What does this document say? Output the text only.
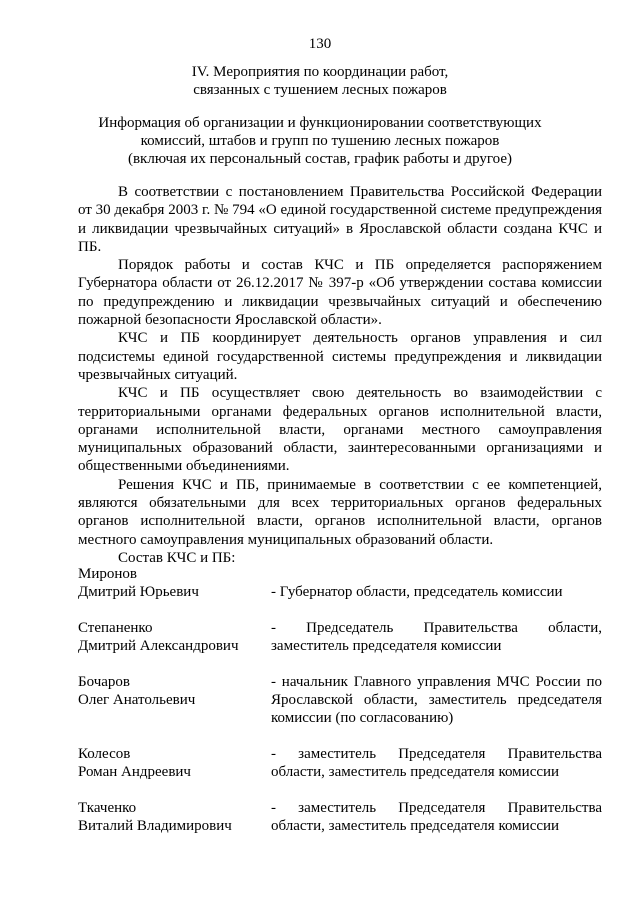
130
IV. Мероприятия по координации работ,
связанных с тушением лесных пожаров
Информация об организации и функционировании соответствующих
комиссий, штабов и групп по тушению лесных пожаров
(включая их персональный состав, график работы и другое)

В соответствии с постановлением Правительства Российской Федерации от 30 декабря 2003 г. № 794 «О единой государственной системе предупреждения и ликвидации чрезвычайных ситуаций» в Ярославской области создана КЧС и ПБ.

Порядок работы и состав КЧС и ПБ определяется распоряжением Губернатора области от 26.12.2017 № 397-р «Об утверждении состава комиссии по предупреждению и ликвидации чрезвычайных ситуаций и обеспечению пожарной безопасности Ярославской области».

КЧС и ПБ координирует деятельность органов управления и сил подсистемы единой государственной системы предупреждения и ликвидации чрезвычайных ситуаций.

КЧС и ПБ осуществляет свою деятельность во взаимодействии с территориальными органами федеральных органов исполнительной власти, органами исполнительной власти, органами местного самоуправления муниципальных образований области, заинтересованными организациями и общественными объединениями.

Решения КЧС и ПБ, принимаемые в соответствии с ее компетенцией, являются обязательными для всех территориальных органов федеральных органов исполнительной власти, органов исполнительной власти, органов местного самоуправления муниципальных образований области.

Состав КЧС и ПБ:

Миронов
Дмитрий Юрьевич
	- Губернатор области, председатель комиссии
Степаненко
Дмитрий Александрович
- Председатель Правительства области, заместитель председателя комиссии
Бочаров
Олег Анатольевич
- начальник Главного управления МЧС России по Ярославской области, заместитель председателя комиссии (по согласованию)
Колесов
Роман Андреевич
- заместитель Председателя Правительства области, заместитель председателя комиссии
Ткаченко
Виталий Владимирович
- заместитель Председателя Правительства области, заместитель председателя комиссии
